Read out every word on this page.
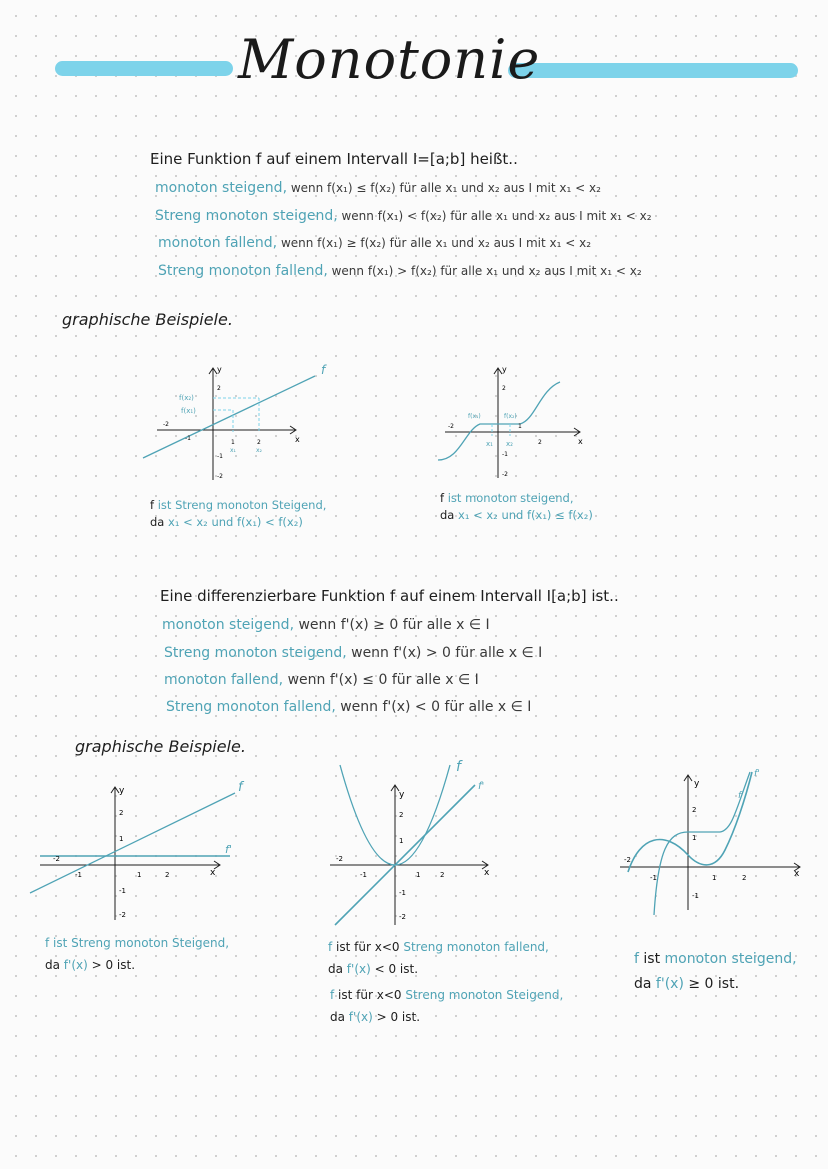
Monotonie
Eine Funktion f auf einem Intervall I=[a;b] heißt..
monoton steigend, wenn f(x₁) ≤ f(x₂) für alle x₁ und x₂ aus I mit x₁ < x₂
Streng monoton steigend, wenn f(x₁) < f(x₂) für alle x₁ und x₂ aus I mit x₁ < x₂
monoton fallend, wenn f(x₁) ≥ f(x₂) für alle x₁ und x₂ aus I mit x₁ < x₂
Streng monoton fallend, wenn f(x₁) > f(x₂) für alle x₁ und x₂ aus I mit x₁ < x₂
graphische Beispiele.
f
f(x₂)
f(x₁)
x₁	x₂
2
-2
-1
1	2
-1
-2
x
y
f(x₁)	f(x₂)
x₁ x₂
2
-2	1
2
-1
-2
x
y
f ist Streng monoton Steigend,
da x₁ < x₂ und f(x₁) < f(x₂)
f ist monoton steigend,
da x₁ < x₂ und f(x₁) ≤ f(x₂)
Eine differenzierbare Funktion f auf einem Intervall I[a;b] ist..
monoton steigend, wenn f'(x) ≥ 0 für alle x ∈ I
Streng monoton steigend, wenn f'(x) > 0 für alle x ∈ I
monoton fallend, wenn f'(x) ≤ 0 für alle x ∈ I
Streng monoton fallend, wenn f'(x) < 0 für alle x ∈ I
graphische Beispiele.
f
f'
2
1
-2
-1	1	2
-1
-2
x
y
f
f'
2
1
-2
-1	1	2
-1
-2
x
y	f
f'
2
1
-2
-1	1	2
-1
x
y
f ist Streng monoton Steigend,
da f'(x) > 0 ist.
f ist für x<0 Streng monoton fallend,
da f'(x) < 0 ist.
f ist für x<0 Streng monoton Steigend,
da f'(x) > 0 ist.
f ist monoton steigend,
da f'(x) ≥ 0 ist.
